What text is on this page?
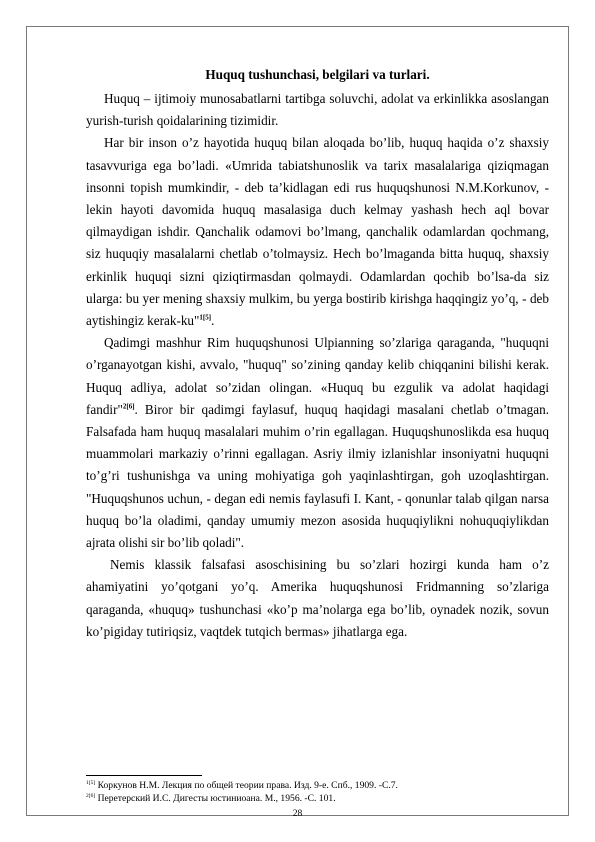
Huquq tushunchasi, belgilari va turlari.

Huquq – ijtimoiy munosabatlarni tartibga soluvchi, adolat va erkinlikka asoslangan yurish-turish qoidalarining tizimidir.

Har bir inson o’z hayotida huquq bilan aloqada bo’lib, huquq haqida o’z shaxsiy tasavvuriga ega bo’ladi. «Umrida tabiatshunoslik va tarix masalalariga qiziqmagan insonni topish mumkindir, - deb ta’kidlagan edi rus huquqshunosi N.M.Korkunov, - lekin hayoti davomida huquq masalasiga duch kelmay yashash hech aql bovar qilmaydigan ishdir. Qanchalik odamovi bo’lmang, qanchalik odamlardan qochmang, siz huquqiy masalalarni chetlab o’tolmaysiz. Hech bo’lmaganda bitta huquq, shaxsiy erkinlik huquqi sizni qiziqtirmasdan qolmaydi. Odamlardan qochib bo’lsa-da siz ularga: bu yer mening shaxsiy mulkim, bu yerga bostirib kirishga haqqingiz yo’q, - deb aytishingiz kerak-ku"$^{1[5]}$.

Qadimgi mashhur Rim huquqshunosi Ulpianning so’zlariga qaraganda, "huquqni o’rganayotgan kishi, avvalo, "huquq" so’zining qanday kelib chiqqanini bilishi kerak. Huquq adliya, adolat so’zidan olingan. «Huquq bu ezgulik va adolat haqidagi fandir"$^{2[6]}$. Biror bir qadimgi faylasuf, huquq haqidagi masalani chetlab o’tmagan. Falsafada ham huquq masalalari muhim o’rin egallagan. Huquqshunoslikda esa huquq muammolari markaziy o’rinni egallagan. Asriy ilmiy izlanishlar insoniyatni huquqni to’g’ri tushunishga va uning mohiyatiga goh yaqinlashtirgan, goh uzoqlashtirgan. "Huquqshunos uchun, - degan edi nemis faylasufi I. Kant, - qonunlar talab qilgan narsa huquq bo’la oladimi, qanday umumiy mezon asosida huquqiylikni nohuquqiylikdan ajrata olishi sir bo’lib qoladi".

Nemis klassik falsafasi asoschisining bu so’zlari hozirgi kunda ham o’z ahamiyatini yo’qotgani yo’q. Amerika huquqshunosi Fridmanning so’zlariga qaraganda, «huquq» tushunchasi «ko’p ma’nolarga ega bo’lib, oynadek nozik, sovun ko’pigiday tutiriqsiz, vaqtdek tutqich bermas» jihatlarga ega.

$^{1[5]}$ Коркунов Н.М. Лекция по общей теории права. Изд. 9-е. Спб., 1909. -С.7.
$^{2[6]}$ Перетерский И.С. Дигесты юстиниоана. М., 1956. -С. 101.
28
